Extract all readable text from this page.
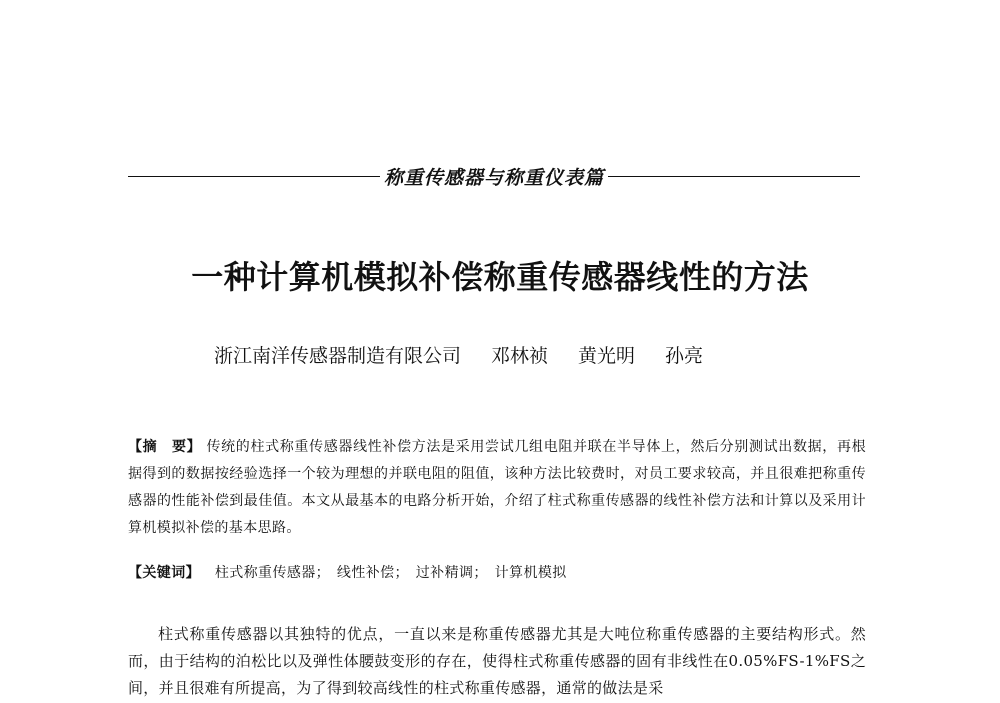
称重传感器与称重仪表篇
一种计算机模拟补偿称重传感器线性的方法
浙江南洋传感器制造有限公司 邓林祯 黄光明 孙亮
【摘　要】 传统的柱式称重传感器线性补偿方法是采用尝试几组电阻并联在半导体上，然后分别测试出数据，再根据得到的数据按经验选择一个较为理想的并联电阻的阻值，该种方法比较费时，对员工要求较高，并且很难把称重传感器的性能补偿到最佳值。本文从最基本的电路分析开始，介绍了柱式称重传感器的线性补偿方法和计算以及采用计算机模拟补偿的基本思路。
【关键词】 柱式称重传感器； 线性补偿； 过补精调； 计算机模拟
柱式称重传感器以其独特的优点，一直以来是称重传感器尤其是大吨位称重传感器的主要结构形式。然而，由于结构的泊松比以及弹性体腰鼓变形的存在，使得柱式称重传感器的固有非线性在0.05%FS-1%FS之间，并且很难有所提高，为了得到较高线性的柱式称重传感器，通常的做法是采
